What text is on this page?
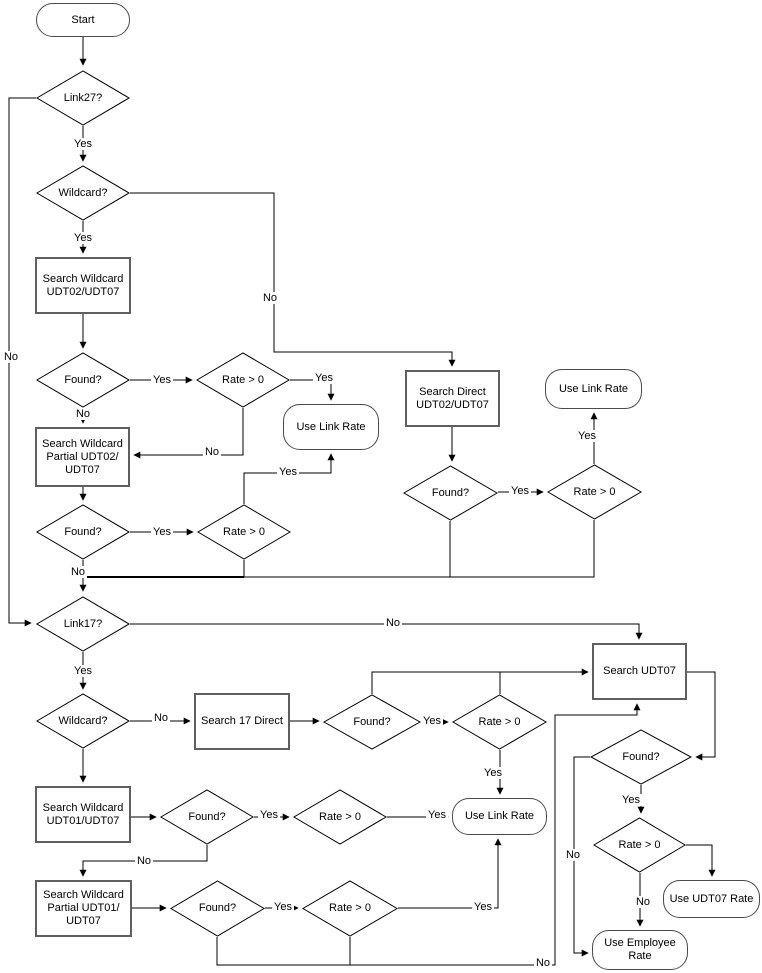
Start
Use Link Rate
Use Link Rate
Use Link Rate
Use UDT07 Rate
Use Employee Rate
Search Wildcard UDT02/UDT07
Search Wildcard Partial UDT02/ UDT07
Search Direct UDT02/UDT07
Search 17 Direct
Search UDT07
Search Wildcard UDT01/UDT07
Search Wildcard Partial UDT01/ UDT07
Link27?
Wildcard?
Found?	Rate > 0
Found?	Rate > 0
Found?	Rate > 0
Link17?
Wildcard?	Found?	Rate > 0
Found?	Rate > 0
Found?	Rate > 0
Found?
Rate > 0
Yes
No
Yes
No
Yes
No
Yes
No
Yes
No
Yes
Yes
Yes
Yes
No
No	Yes
Yes
Yes
No
Yes
Yes	Yes
No
Yes
No
No
